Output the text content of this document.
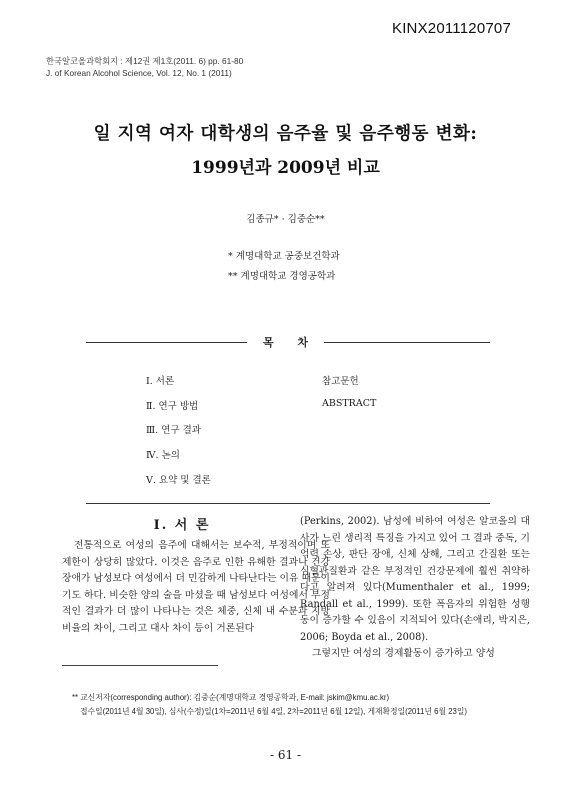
KINX2011120707
한국알코올과학회지 : 제12권 제1호(2011. 6) pp. 61-80
J. of Korean Alcohol Science, Vol. 12, No. 1 (2011)
일 지역 여자 대학생의 음주율 및 음주행동 변화:
1999년과 2009년 비교
김종규* · 김중순**
* 계명대학교 공중보건학과
** 계명대학교 경영공학과
목 차
Ⅰ. 서론
Ⅱ. 연구 방법
Ⅲ. 연구 결과
Ⅳ. 논의
Ⅴ. 요약 및 결론
참고문헌
ABSTRACT
Ⅰ. 서 론
전통적으로 여성의 음주에 대해서는 보수적, 부정적이며 또 제한이 상당히 많았다. 이것은 음주로 인한 유해한 결과나 건강장애가 남성보다 여성에서 더 민감하게 나타난다는 이유 때문이기도 하다. 비슷한 양의 술을 마셨을 때 남성보다 여성에서 부정적인 결과가 더 많이 나타나는 것은 체중, 신체 내 수분과 지방 비율의 차이, 그리고 대사 차이 등이 거론된다
(Perkins, 2002). 남성에 비하여 여성은 알코올의 대사가 느린 생리적 특징을 가지고 있어 그 결과 중독, 기억력 손상, 판단 장애, 신체 상해, 그리고 간질환 또는 심혈관질환과 같은 부정적인 건강문제에 훨씬 취약하다고 알려져 있다(Mumenthaler et al., 1999; Randall et al., 1999). 또한 폭음자의 위험한 성행동이 증가할 수 있음이 지적되어 있다(손애리, 박지은, 2006; Boyda et al., 2008).
그렇지만 여성의 경제활동이 증가하고 양성
** 교신저자(corresponding author): 김중순(계명대학교 경영공학과, E-mail: jskim@kmu.ac.kr)
접수일(2011년 4월 30일), 심사(수정)일(1차=2011년 6월 4일, 2차=2011년 6월 12일), 게재확정일(2011년 6월 23일)
- 61 -
